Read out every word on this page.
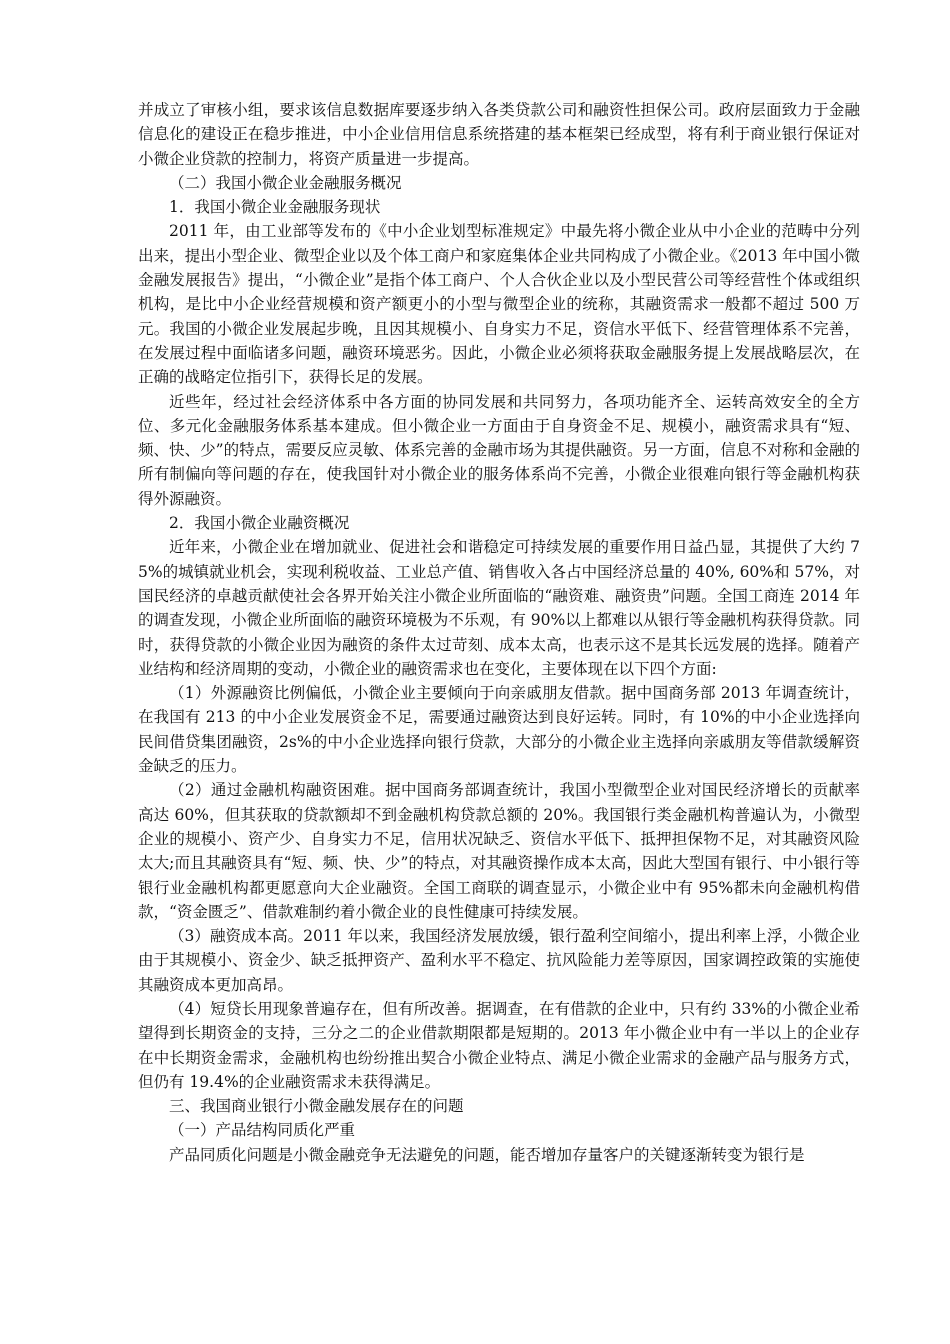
并成立了审核小组，要求该信息数据库要逐步纳入各类贷款公司和融资性担保公司。政府层面致力于金融信息化的建设正在稳步推进，中小企业信用信息系统搭建的基本框架已经成型，将有利于商业银行保证对小微企业贷款的控制力，将资产质量进一步提高。

（二）我国小微企业金融服务概况

1．我国小微企业金融服务现状

2011 年，由工业部等发布的《中小企业划型标准规定》中最先将小微企业从中小企业的范畴中分列出来，提出小型企业、微型企业以及个体工商户和家庭集体企业共同构成了小微企业。《2013 年中国小微金融发展报告》提出，“小微企业”是指个体工商户、个人合伙企业以及小型民营公司等经营性个体或组织机构，是比中小企业经营规模和资产额更小的小型与微型企业的统称，其融资需求一般都不超过 500 万元。我国的小微企业发展起步晚，且因其规模小、自身实力不足，资信水平低下、经营管理体系不完善，在发展过程中面临诸多问题，融资环境恶劣。因此，小微企业必须将获取金融服务提上发展战略层次，在正确的战略定位指引下，获得长足的发展。

近些年，经过社会经济体系中各方面的协同发展和共同努力，各项功能齐全、运转高效安全的全方位、多元化金融服务体系基本建成。但小微企业一方面由于自身资金不足、规模小，融资需求具有“短、频、快、少”的特点，需要反应灵敏、体系完善的金融市场为其提供融资。另一方面，信息不对称和金融的所有制偏向等问题的存在，使我国针对小微企业的服务体系尚不完善，小微企业很难向银行等金融机构获得外源融资。

2．我国小微企业融资概况

近年来，小微企业在增加就业、促进社会和谐稳定可持续发展的重要作用日益凸显，其提供了大约 75%的城镇就业机会，实现利税收益、工业总产值、销售收入各占中国经济总量的 40%, 60%和 57%，对国民经济的卓越贡献使社会各界开始关注小微企业所面临的“融资难、融资贵”问题。全国工商连 2014 年的调查发现，小微企业所面临的融资环境极为不乐观，有 90%以上都难以从银行等金融机构获得贷款。同时，获得贷款的小微企业因为融资的条件太过苛刻、成本太高，也表示这不是其长远发展的选择。随着产业结构和经济周期的变动，小微企业的融资需求也在变化，主要体现在以下四个方面:

（1）外源融资比例偏低，小微企业主要倾向于向亲戚朋友借款。据中国商务部 2013 年调查统计，在我国有 213 的中小企业发展资金不足，需要通过融资达到良好运转。同时，有 10%的中小企业选择向民间借贷集团融资，2s%的中小企业选择向银行贷款，大部分的小微企业主选择向亲戚朋友等借款缓解资金缺乏的压力。

（2）通过金融机构融资困难。据中国商务部调查统计，我国小型微型企业对国民经济增长的贡献率高达 60%，但其获取的贷款额却不到金融机构贷款总额的 20%。我国银行类金融机构普遍认为，小微型企业的规模小、资产少、自身实力不足，信用状况缺乏、资信水平低下、抵押担保物不足，对其融资风险太大;而且其融资具有“短、频、快、少”的特点，对其融资操作成本太高，因此大型国有银行、中小银行等银行业金融机构都更愿意向大企业融资。全国工商联的调查显示，小微企业中有 95%都未向金融机构借款，“资金匮乏”、借款难制约着小微企业的良性健康可持续发展。

（3）融资成本高。2011 年以来，我国经济发展放缓，银行盈利空间缩小，提出利率上浮，小微企业由于其规模小、资金少、缺乏抵押资产、盈利水平不稳定、抗风险能力差等原因，国家调控政策的实施使其融资成本更加高昂。

（4）短贷长用现象普遍存在，但有所改善。据调查，在有借款的企业中，只有约 33%的小微企业希望得到长期资金的支持，三分之二的企业借款期限都是短期的。2013 年小微企业中有一半以上的企业存在中长期资金需求，金融机构也纷纷推出契合小微企业特点、满足小微企业需求的金融产品与服务方式，但仍有 19.4%的企业融资需求未获得满足。

三、我国商业银行小微金融发展存在的问题

（一）产品结构同质化严重

产品同质化问题是小微金融竞争无法避免的问题，能否增加存量客户的关键逐渐转变为银行是
